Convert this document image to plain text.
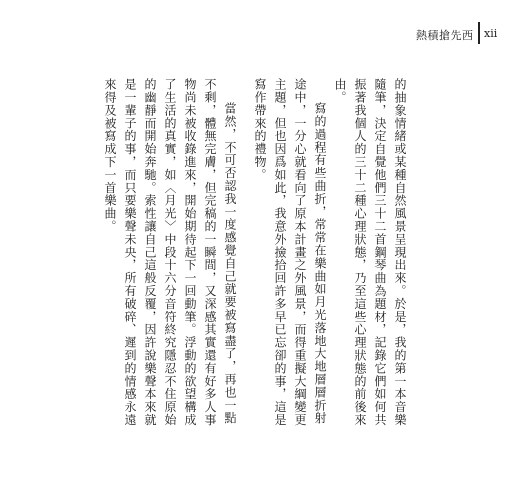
熱積搶先西 xii

的抽象情緒或某種自然風景呈現出來。於是，我的第一本音樂隨筆，決定自覺他們三十二首鋼琴曲為題材，記錄它們如何共振著我個人的三十二種心理狀態，乃至這些心理狀態的前後來由。

寫的過程有些曲折，常常在樂曲如月光落地大地層層折射途中，一分心就看向了原本計畫之外風景，而得重擬大綱變更主題，但也因爲如此，我意外撿拾回許多早已忘卻的事，這是寫作帶來的禮物。

當然，不可否認我一度感覺自己就要被寫盡了，再也一點不剩，體無完膚，但完稿的一瞬間，又深感其實還有好多人事物尚未被收錄進來，開始期待起下一回動筆。浮動的欲望構成了生活的真實，如〈月光〉中段十六分音符終究隱忍不住原始的幽靜而開始奔馳。索性讓自己這般反覆，因許說樂聲本來就是一輩子的事，而只要樂聲未央，所有破碎、遲到的情感永遠來得及被寫成下一首樂曲。
